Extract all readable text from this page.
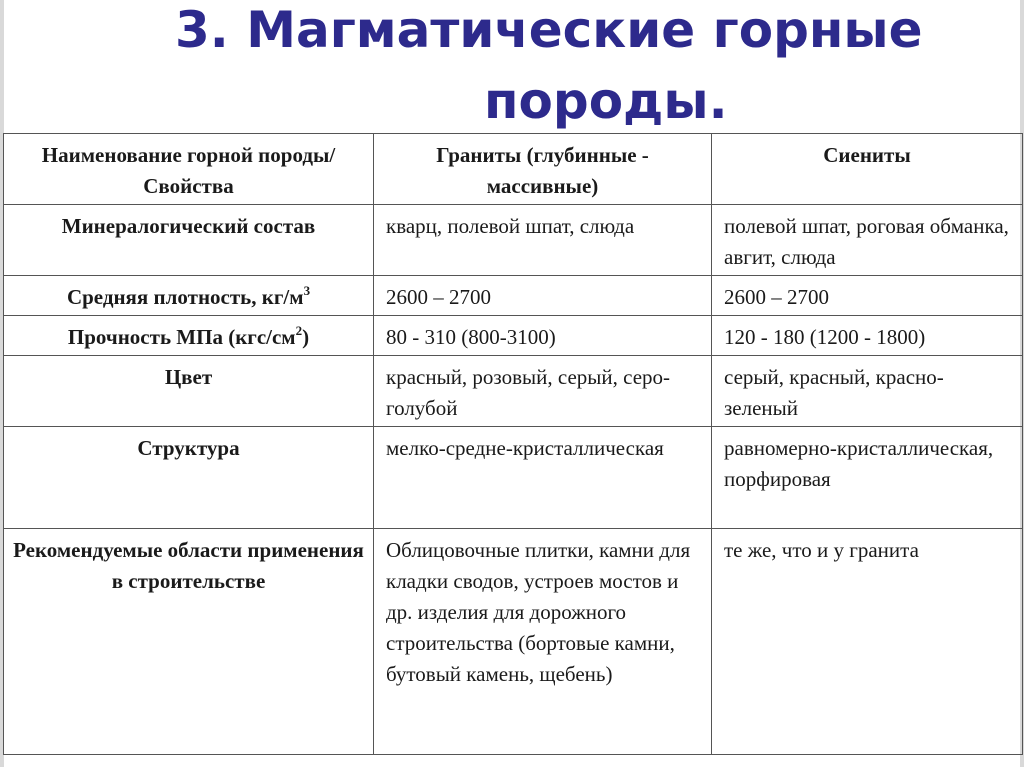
3. Магматические горные
породы.
Наименование горной породы/Свойства	Граниты (глубинные - массивные)	Сиениты
Минералогический состав	кварц, полевой шпат, слюда	полевой шпат, роговая обманка, авгит, слюда
Средняя плотность, $кг/м^3$	2600 – 2700	2600 – 2700
Прочность МПа $(кгс/см^2)$	80 - 310 (800-3100)	120 - 180 (1200 - 1800)
Цвет	красный, розовый, серый, серо-голубой	серый, красный, красно-зеленый
Структура	мелко-средне-кристаллическая	равномерно-кристаллическая, порфировая
Рекомендуемые области применения в строительстве	Облицовочные плитки, камни для кладки сводов, устроев мостов и др. изделия для дорожного строительства (бортовые камни, бутовый камень, щебень)	те же, что и у гранита
